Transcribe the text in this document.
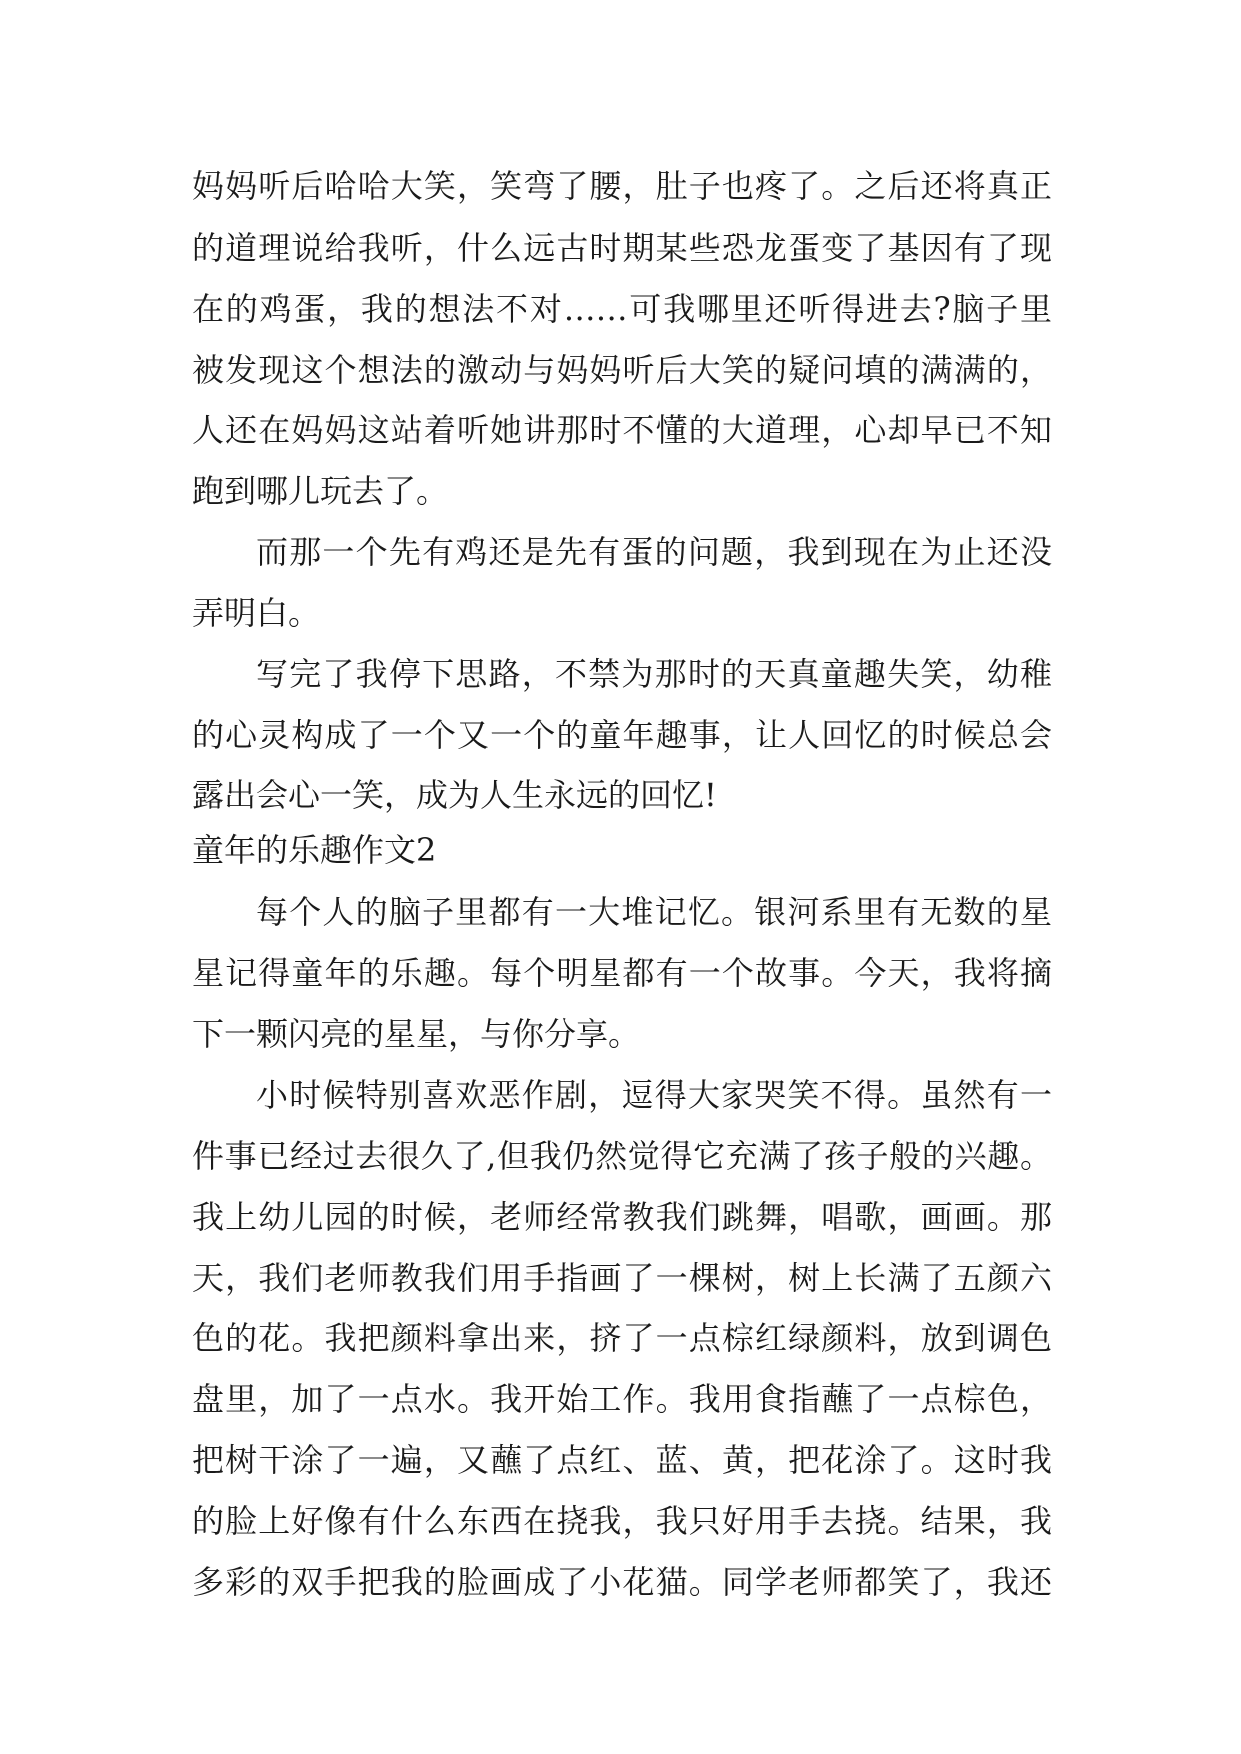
妈妈听后哈哈大笑，笑弯了腰，肚子也疼了。之后还将真正
的道理说给我听，什么远古时期某些恐龙蛋变了基因有了现
在的鸡蛋，我的想法不对……可我哪里还听得进去?脑子里
被发现这个想法的激动与妈妈听后大笑的疑问填的满满的，
人还在妈妈这站着听她讲那时不懂的大道理，心却早已不知
跑到哪儿玩去了。
而那一个先有鸡还是先有蛋的问题，我到现在为止还没
弄明白。
写完了我停下思路，不禁为那时的天真童趣失笑，幼稚
的心灵构成了一个又一个的童年趣事，让人回忆的时候总会
露出会心一笑，成为人生永远的回忆!
童年的乐趣作文2
每个人的脑子里都有一大堆记忆。银河系里有无数的星
星记得童年的乐趣。每个明星都有一个故事。今天，我将摘
下一颗闪亮的星星，与你分享。
小时候特别喜欢恶作剧，逗得大家哭笑不得。虽然有一
件事已经过去很久了,但我仍然觉得它充满了孩子般的兴趣。
我上幼儿园的时候，老师经常教我们跳舞，唱歌，画画。那
天，我们老师教我们用手指画了一棵树，树上长满了五颜六
色的花。我把颜料拿出来，挤了一点棕红绿颜料，放到调色
盘里，加了一点水。我开始工作。我用食指蘸了一点棕色，
把树干涂了一遍，又蘸了点红、蓝、黄，把花涂了。这时我
的脸上好像有什么东西在挠我，我只好用手去挠。结果，我
多彩的双手把我的脸画成了小花猫。同学老师都笑了，我还
